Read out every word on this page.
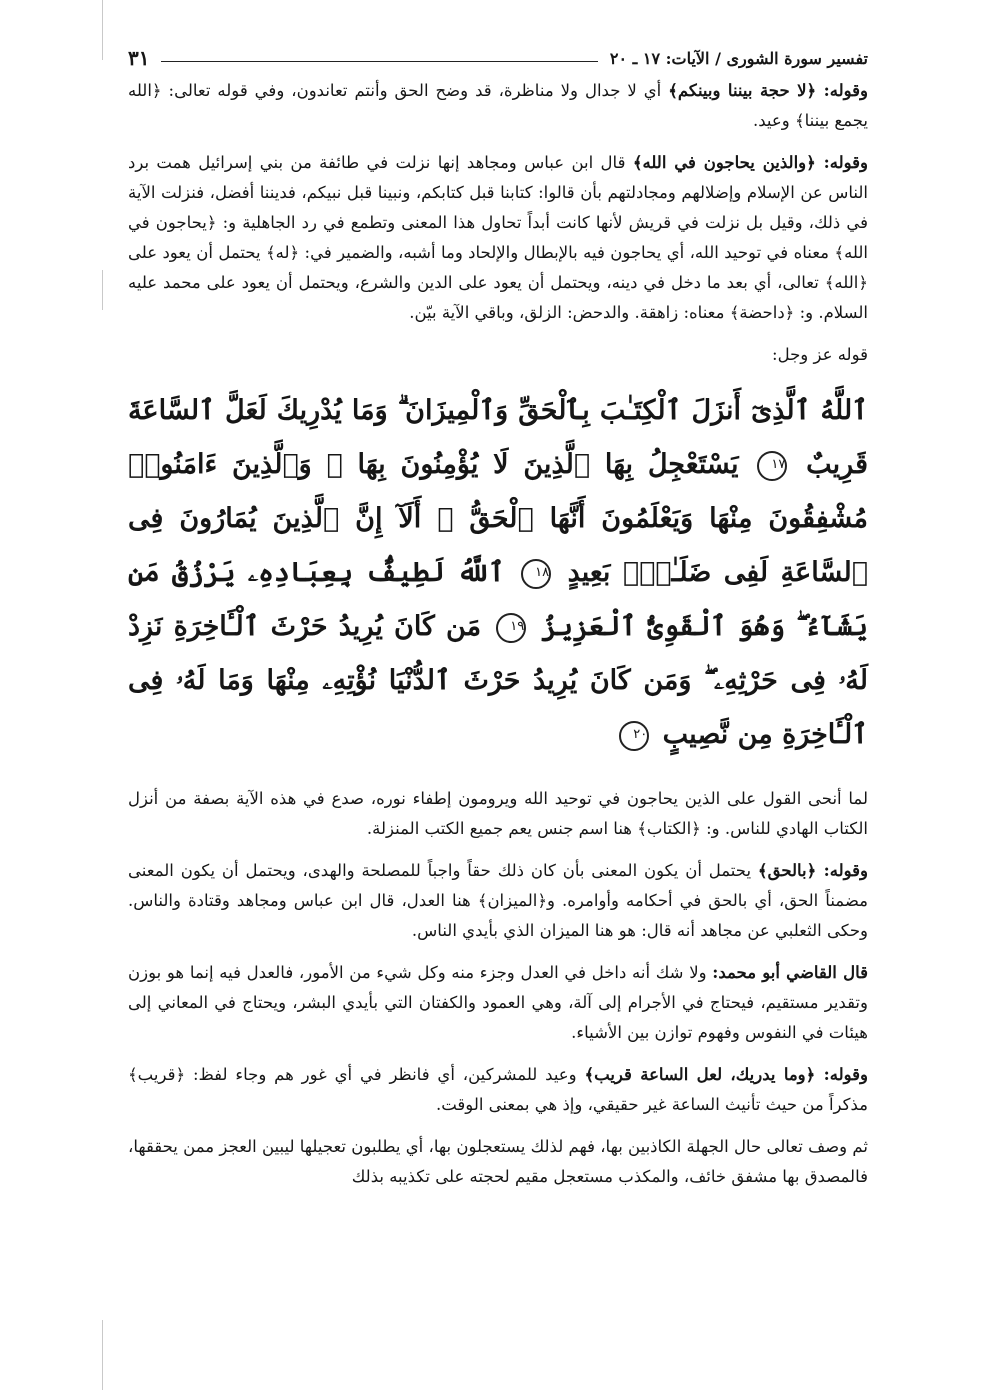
تفسير سورة الشورى / الآيات: ١٧ ـ ٢٠
٣١

وقوله: ﴿لا حجة بيننا وبينكم﴾ أي لا جدال ولا مناظرة، قد وضح الحق وأنتم تعاندون، وفي قوله تعالى: ﴿الله يجمع بيننا﴾ وعيد.

وقوله: ﴿والذين يحاجون في الله﴾ قال ابن عباس ومجاهد إنها نزلت في طائفة من بني إسرائيل همت برد الناس عن الإسلام وإضلالهم ومجادلتهم بأن قالوا: كتابنا قبل كتابكم، ونبينا قبل نبيكم، فديننا أفضل، فنزلت الآية في ذلك، وقيل بل نزلت في قريش لأنها كانت أبداً تحاول هذا المعنى وتطمع في رد الجاهلية و: ﴿يحاجون في الله﴾ معناه في توحيد الله، أي يحاجون فيه بالإبطال والإلحاد وما أشبه، والضمير في: ﴿له﴾ يحتمل أن يعود على ﴿الله﴾ تعالى، أي بعد ما دخل في دينه، ويحتمل أن يعود على الدين والشرع، ويحتمل أن يعود على محمد عليه السلام. و: ﴿داحضة﴾ معناه: زاهقة. والدحض: الزلق، وباقي الآية بيّن.

قوله عز وجل:

ٱللَّهُ ٱلَّذِىٓ أَنزَلَ ٱلْكِتَـٰبَ بِٱلْحَقِّ وَٱلْمِيزَانَ ۗ وَمَا يُدْرِيكَ لَعَلَّ ٱلسَّاعَةَ قَرِيبٌ ١٧ يَسْتَعْجِلُ بِهَا ٱلَّذِينَ لَا يُؤْمِنُونَ بِهَا ۖ وَٱلَّذِينَ ءَامَنُوا۟ مُشْفِقُونَ مِنْهَا وَيَعْلَمُونَ أَنَّهَا ٱلْحَقُّ ۗ أَلَآ إِنَّ ٱلَّذِينَ يُمَارُونَ فِى ٱلسَّاعَةِ لَفِى ضَلَـٰلٍۭ بَعِيدٍ ١٨ ٱللَّهُ لَطِيفٌۢ بِعِبَادِهِۦ يَرْزُقُ مَن يَشَآءُ ۖ وَهُوَ ٱلْقَوِىُّ ٱلْعَزِيزُ ١٩ مَن كَانَ يُرِيدُ حَرْثَ ٱلْـَٔاخِرَةِ نَزِدْ لَهُۥ فِى حَرْثِهِۦ ۖ وَمَن كَانَ يُرِيدُ حَرْثَ ٱلدُّنْيَا نُؤْتِهِۦ مِنْهَا وَمَا لَهُۥ فِى ٱلْـَٔاخِرَةِ مِن نَّصِيبٍ ٢٠

لما أنحى القول على الذين يحاجون في توحيد الله ويرومون إطفاء نوره، صدع في هذه الآية بصفة من أنزل الكتاب الهادي للناس. و: ﴿الكتاب﴾ هنا اسم جنس يعم جميع الكتب المنزلة.

وقوله: ﴿بالحق﴾ يحتمل أن يكون المعنى بأن كان ذلك حقاً واجباً للمصلحة والهدى، ويحتمل أن يكون المعنى مضمناً الحق، أي بالحق في أحكامه وأوامره. و﴿الميزان﴾ هنا العدل، قال ابن عباس ومجاهد وقتادة والناس. وحكى الثعلبي عن مجاهد أنه قال: هو هنا الميزان الذي بأيدي الناس.

قال القاضي أبو محمد: ولا شك أنه داخل في العدل وجزء منه وكل شيء من الأمور، فالعدل فيه إنما هو بوزن وتقدير مستقيم، فيحتاج في الأجرام إلى آلة، وهي العمود والكفتان التي بأيدي البشر، ويحتاج في المعاني إلى هيئات في النفوس وفهوم توازن بين الأشياء.

وقوله: ﴿وما يدريك، لعل الساعة قريب﴾ وعيد للمشركين، أي فانظر في أي غور هم وجاء لفظ: ﴿قريب﴾ مذكراً من حيث تأنيث الساعة غير حقيقي، وإذ هي بمعنى الوقت.

ثم وصف تعالى حال الجهلة الكاذبين بها، فهم لذلك يستعجلون بها، أي يطلبون تعجيلها ليبين العجز ممن يحققها، فالمصدق بها مشفق خائف، والمكذب مستعجل مقيم لحجته على تكذيبه بذلك
